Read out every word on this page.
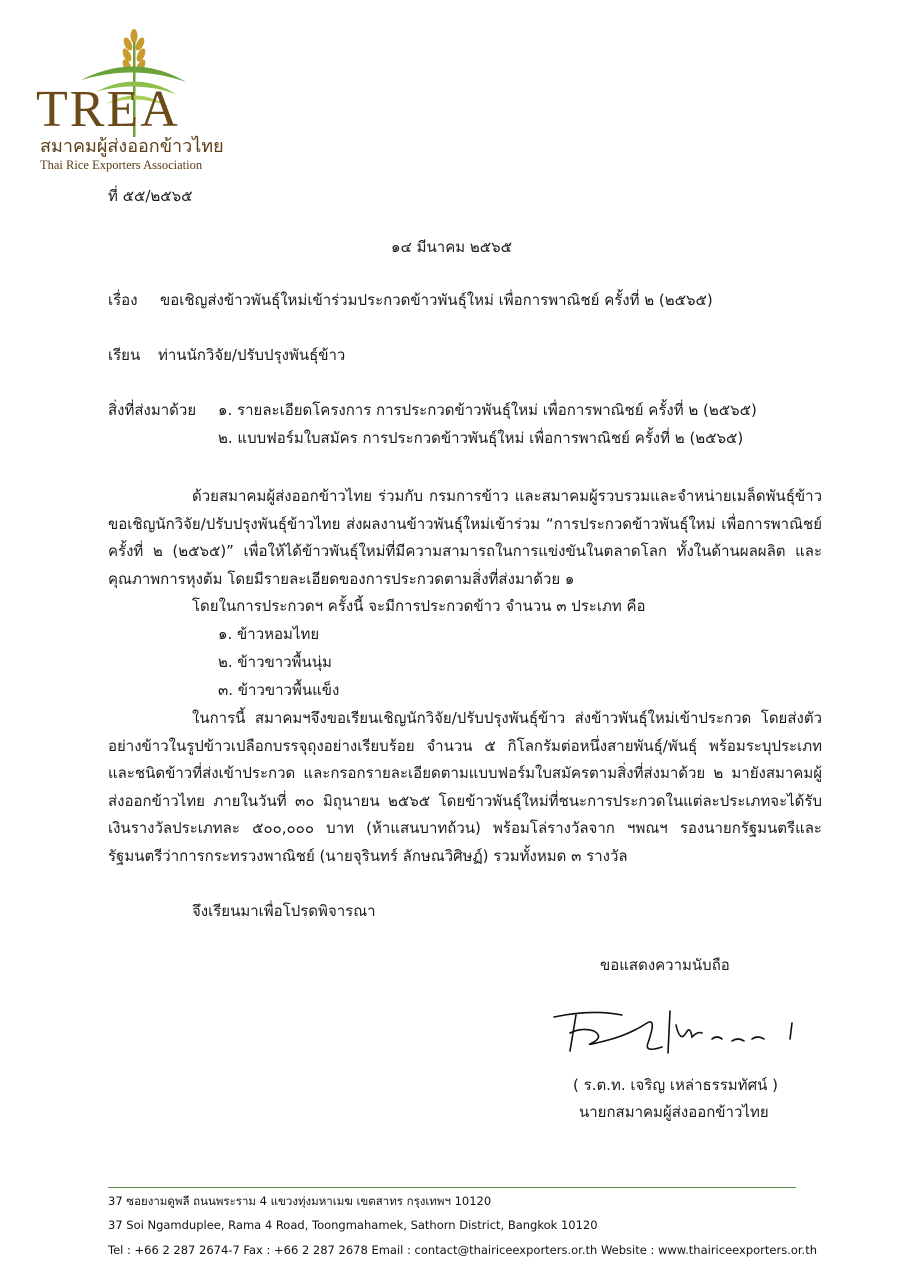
TREA
สมาคมผู้ส่งออกข้าวไทย
Thai Rice Exporters Association
ที่ ๕๕/๒๕๖๕
๑๔ มีนาคม ๒๕๖๕
เรื่อง ขอเชิญส่งข้าวพันธุ์ใหม่เข้าร่วมประกวดข้าวพันธุ์ใหม่ เพื่อการพาณิชย์ ครั้งที่ ๒ (๒๕๖๕)
เรียน ท่านนักวิจัย/ปรับปรุงพันธุ์ข้าว
สิ่งที่ส่งมาด้วย ๑. รายละเอียดโครงการ การประกวดข้าวพันธุ์ใหม่ เพื่อการพาณิชย์ ครั้งที่ ๒ (๒๕๖๕)
๒. แบบฟอร์มใบสมัคร การประกวดข้าวพันธุ์ใหม่ เพื่อการพาณิชย์ ครั้งที่ ๒ (๒๕๖๕)
ด้วยสมาคมผู้ส่งออกข้าวไทย ร่วมกับ กรมการข้าว และสมาคมผู้รวบรวมและจำหน่ายเมล็ดพันธุ์ข้าว ขอเชิญนักวิจัย/ปรับปรุงพันธุ์ข้าวไทย ส่งผลงานข้าวพันธุ์ใหม่เข้าร่วม “การประกวดข้าวพันธุ์ใหม่ เพื่อการพาณิชย์ ครั้งที่ ๒ (๒๕๖๕)” เพื่อให้ได้ข้าวพันธุ์ใหม่ที่มีความสามารถในการแข่งขันในตลาดโลก ทั้งในด้านผลผลิต และคุณภาพการหุงต้ม โดยมีรายละเอียดของการประกวดตามสิ่งที่ส่งมาด้วย ๑
โดยในการประกวดฯ ครั้งนี้ จะมีการประกวดข้าว จำนวน ๓ ประเภท คือ
๑. ข้าวหอมไทย
๒. ข้าวขาวพื้นนุ่ม
๓. ข้าวขาวพื้นแข็ง
ในการนี้ สมาคมฯจึงขอเรียนเชิญนักวิจัย/ปรับปรุงพันธุ์ข้าว ส่งข้าวพันธุ์ใหม่เข้าประกวด โดยส่งตัวอย่างข้าวในรูปข้าวเปลือกบรรจุถุงอย่างเรียบร้อย จำนวน ๕ กิโลกรัมต่อหนึ่งสายพันธุ์/พันธุ์ พร้อมระบุประเภท และชนิดข้าวที่ส่งเข้าประกวด และกรอกรายละเอียดตามแบบฟอร์มใบสมัครตามสิ่งที่ส่งมาด้วย ๒ มายังสมาคมผู้ส่งออกข้าวไทย ภายในวันที่ ๓๐ มิถุนายน ๒๕๖๕ โดยข้าวพันธุ์ใหม่ที่ชนะการประกวดในแต่ละประเภทจะได้รับเงินรางวัลประเภทละ ๕๐๐,๐๐๐ บาท (ห้าแสนบาทถ้วน) พร้อมโล่รางวัลจาก ฯพณฯ รองนายกรัฐมนตรีและรัฐมนตรีว่าการกระทรวงพาณิชย์ (นายจุรินทร์ ลักษณวิศิษฏ์) รวมทั้งหมด ๓ รางวัล
จึงเรียนมาเพื่อโปรดพิจารณา
ขอแสดงความนับถือ
( ร.ต.ท. เจริญ เหล่าธรรมทัศน์ )
นายกสมาคมผู้ส่งออกข้าวไทย
37 ซอยงามดูพลี ถนนพระราม 4 แขวงทุ่งมหาเมฆ เขตสาทร กรุงเทพฯ 10120
37 Soi Ngamduplee, Rama 4 Road, Toongmahamek, Sathorn District, Bangkok 10120
Tel : +66 2 287 2674-7 Fax : +66 2 287 2678 Email : contact@thairiceexporters.or.th Website : www.thairiceexporters.or.th
